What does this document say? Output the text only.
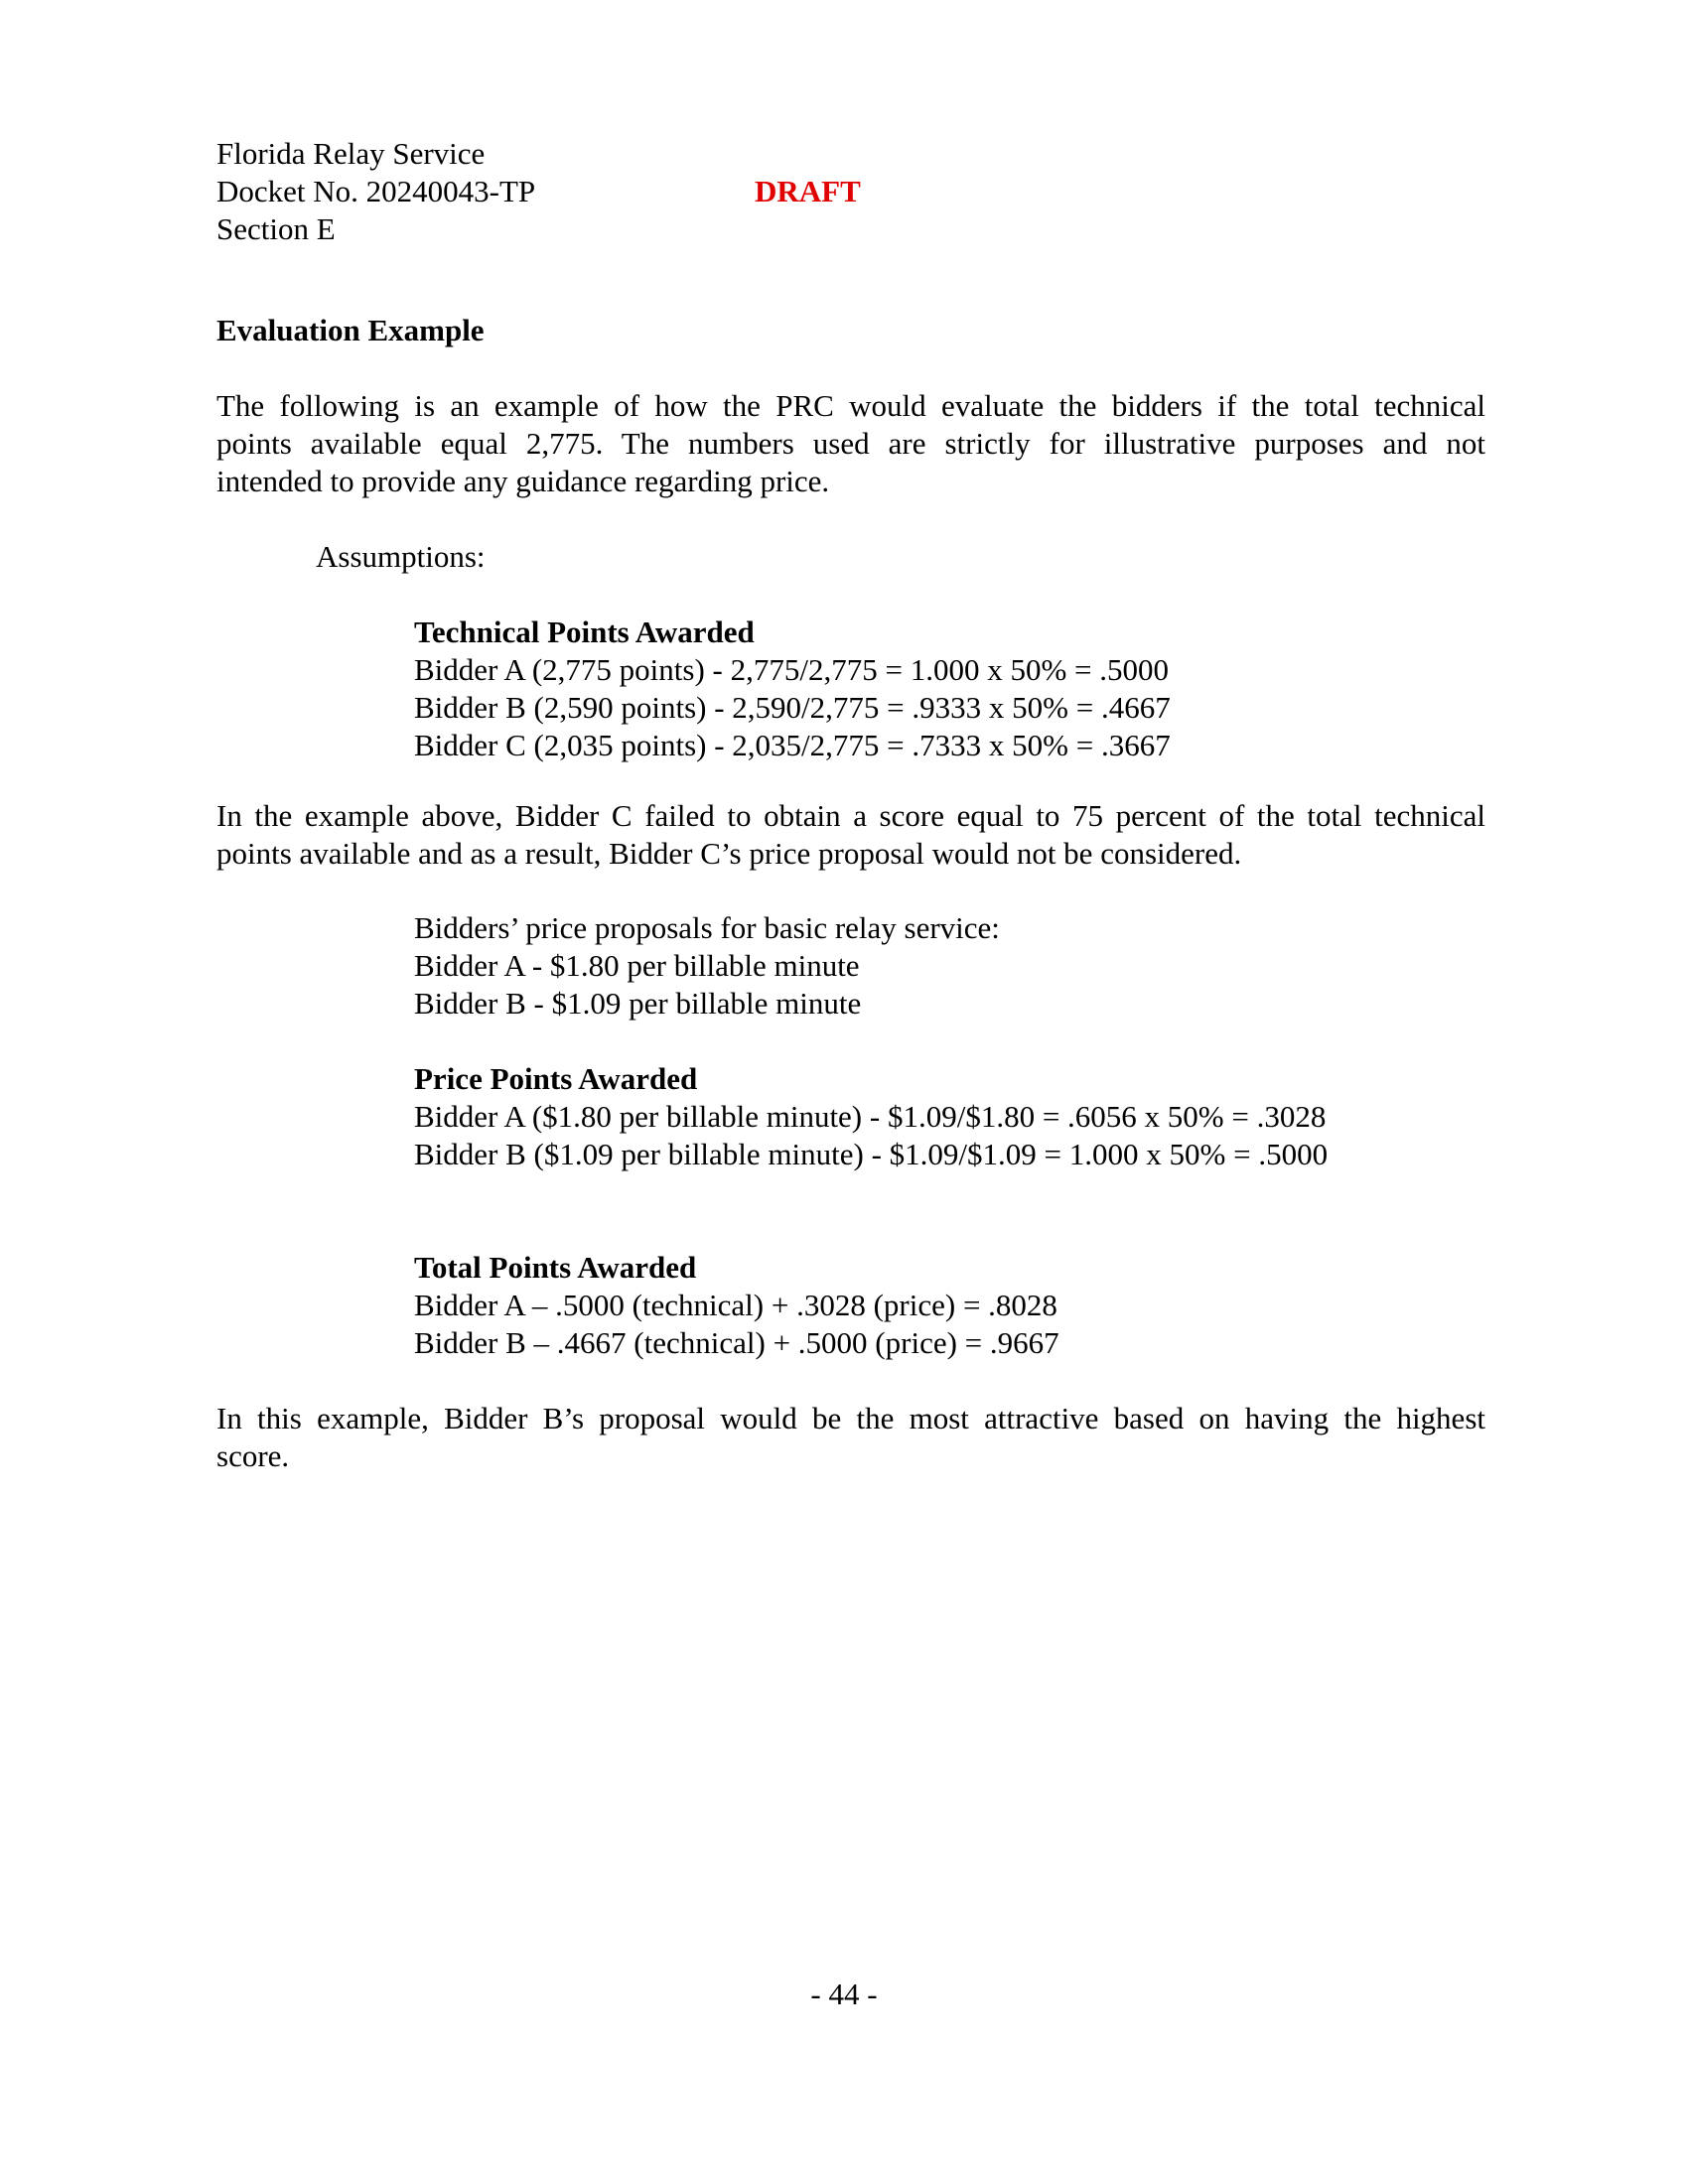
Florida Relay Service
Docket No. 20240043-TP
Section E
DRAFT
Evaluation Example
The following is an example of how the PRC would evaluate the bidders if the total technical
points available equal 2,775. The numbers used are strictly for illustrative purposes and not
intended to provide any guidance regarding price.
Assumptions:
Technical Points Awarded
Bidder A (2,775 points) - 2,775/2,775 = 1.000 x 50% = .5000
Bidder B (2,590 points) - 2,590/2,775 = .9333 x 50% = .4667
Bidder C (2,035 points) - 2,035/2,775 = .7333 x 50% = .3667
In the example above, Bidder C failed to obtain a score equal to 75 percent of the total technical
points available and as a result, Bidder C’s price proposal would not be considered.
Bidders’ price proposals for basic relay service:
Bidder A - $1.80 per billable minute
Bidder B - $1.09 per billable minute
Price Points Awarded
Bidder A ($1.80 per billable minute) - $1.09/$1.80 = .6056 x 50% = .3028
Bidder B ($1.09 per billable minute) - $1.09/$1.09 = 1.000 x 50% = .5000
Total Points Awarded
Bidder A – .5000 (technical) + .3028 (price) = .8028
Bidder B – .4667 (technical) + .5000 (price) = .9667
In this example, Bidder B’s proposal would be the most attractive based on having the highest
score.
- 44 -
